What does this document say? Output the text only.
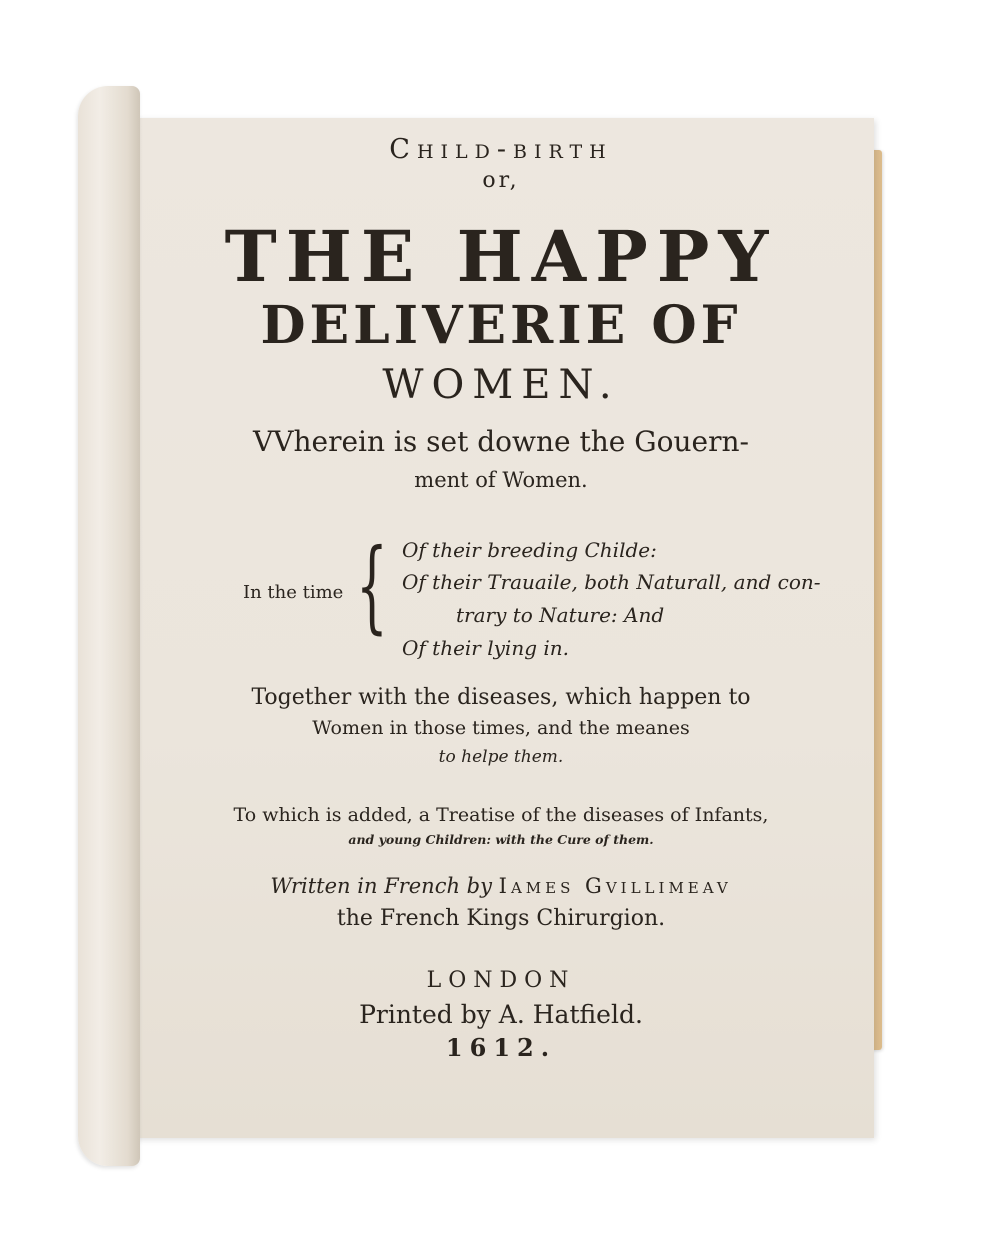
Child-birth

or,

THE HAPPY

DELIVERIE OF

WOMEN.

VVherein is set downe the Gouern-

ment of Women.

In the time { Of their breeding Childe:
Of their Trauaile, both Naturall, and con-
trary to Nature: And
Of their lying in.

Together with the diseases, which happen to

Women in those times, and the meanes

to helpe them.

To which is added, a Treatise of the diseases of Infants,

and young Children: with the Cure of them.

Written in French by Iames Gvillimeav

the French Kings Chirurgion.

LONDON

Printed by A. Hatfield.

1612.
